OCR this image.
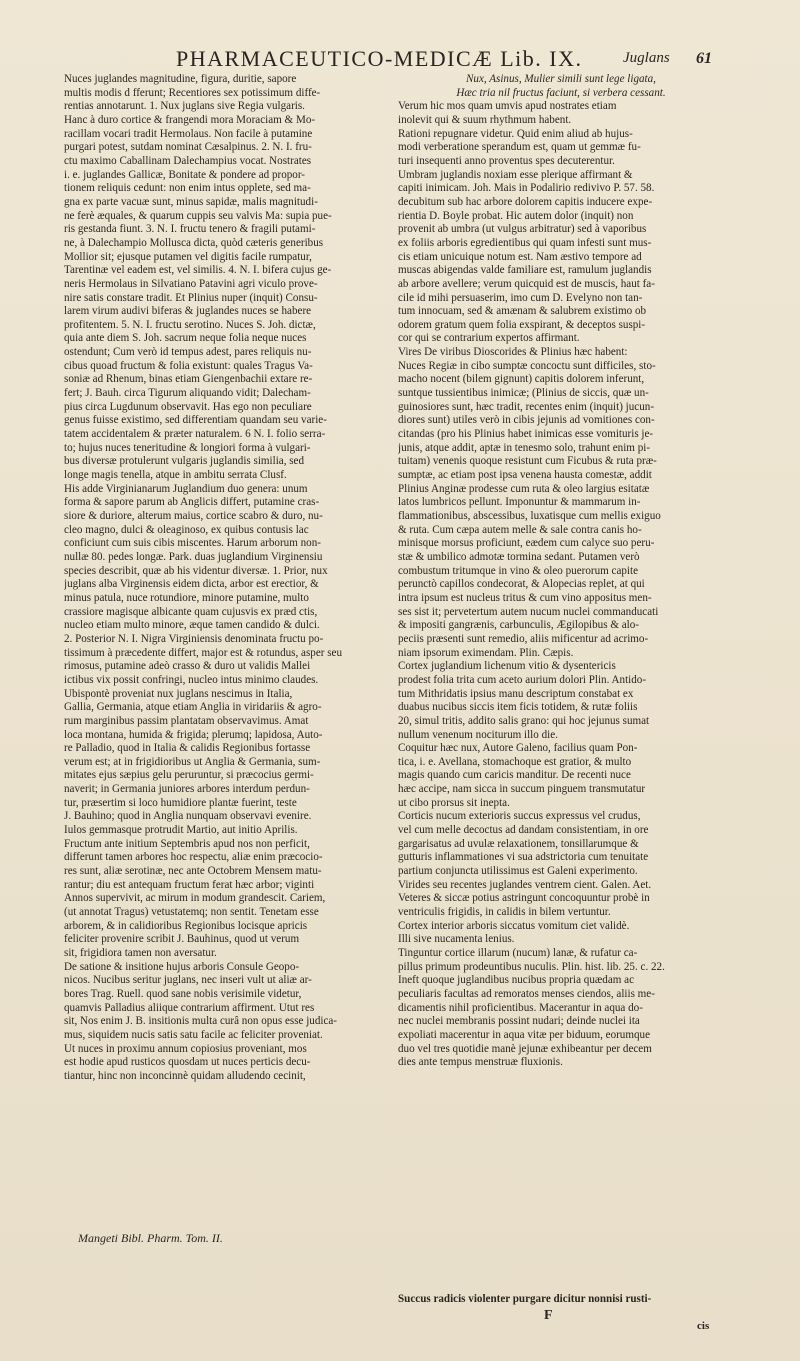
PHARMACEUTICO-MEDICÆ Lib. IX.	Juglans 61
Nuces juglandes magnitudine, figura, duritie, sapore
multis modis d fferunt; Recentiores sex potissimum diffe-
rentias annotarunt. 1. Nux juglans sive Regia vulgaris.
Hanc à duro cortice & frangendi mora Moraciam & Mo-
racillam vocari tradit Hermolaus. Non facile à putamine
purgari potest, sutdam nominat Cæsalpinus. 2. N. I. fru-
ctu maximo Caballinam Dalechampius vocat. Nostrates
i. e. juglandes Gallicæ, Bonitate & pondere ad propor-
tionem reliquis cedunt: non enim intus opplete, sed ma-
gna ex parte vacuæ sunt, minus sapidæ, malis magnitudi-
ne ferè æquales, & quarum cuppis seu valvis Ma: supia pue-
ris gestanda fiunt. 3. N. I. fructu tenero & fragili putami-
ne, à Dalechampio Mollusca dicta, quòd cæteris generibus
Mollior sit; ejusque putamen vel digitis facile rumpatur,
Tarentinæ vel eadem est, vel similis. 4. N. I. bifera cujus ge-
neris Hermolaus in Silvatiano Patavini agri viculo prove-
nire satis constare tradit. Et Plinius nuper (inquit) Consu-
larem virum audivi biferas & juglandes nuces se habere
profitentem. 5. N. I. fructu serotino. Nuces S. Joh. dictæ,
quia ante diem S. Joh. sacrum neque folia neque nuces
ostendunt; Cum verò id tempus adest, pares reliquis nu-
cibus quoad fructum & folia existunt: quales Tragus Va-
soniæ ad Rhenum, binas etiam Giengenbachii extare re-
fert; J. Bauh. circa Tigurum aliquando vidit; Dalecham-
pius circa Lugdunum observavit. Has ego non peculiare
genus fuisse existimo, sed differentiam quandam seu varie-
tatem accidentalem & præter naturalem. 6 N. I. folio serra-
to; hujus nuces teneritudine & longiori forma à vulgari-
bus diversæ protulerunt vulgaris juglandis similia, sed
longe magis tenella, atque in ambitu serrata Clusf.
His adde Virginianarum Juglandium duo genera: unum
forma & sapore parum ab Anglicis differt, putamine cras-
siore & duriore, alterum maius, cortice scabro & duro, nu-
cleo magno, dulci & oleaginoso, ex quibus contusis lac
conficiunt cum suis cibis miscentes. Harum arborum non-
nullæ 80. pedes longæ. Park. duas juglandium Virginensiu
species describit, quæ ab his videntur diversæ. 1. Prior, nux
juglans alba Virginensis eidem dicta, arbor est erectior, &
minus patula, nuce rotundiore, minore putamine, multo
crassiore magisque albicante quam cujusvis ex præd ctis,
nucleo etiam multo minore, æque tamen candido & dulci.
2. Posterior N. I. Nigra Virginiensis denominata fructu po-
tissimum à præcedente differt, major est & rotundus, asper seu
rimosus, putamine adeò crasso & duro ut validis Mallei
ictibus vix possit confringi, nucleo intus minimo claudes.
Ubispontè proveniat nux juglans nescimus in Italia,
Gallia, Germania, atque etiam Anglia in viridariis & agro-
rum marginibus passim plantatam observavimus. Amat
loca montana, humida & frigida; plerumq; lapidosa, Auto-
re Palladio, quod in Italia & calidis Regionibus fortasse
verum est; at in frigidioribus ut Anglia & Germania, sum-
mitates ejus sæpius gelu peruruntur, si præcocius germi-
naverit; in Germania juniores arbores interdum perdun-
tur, præsertim si loco humidiore plantæ fuerint, teste
J. Bauhino; quod in Anglia nunquam observavi evenire.
Iulos gemmasque protrudit Martio, aut initio Aprilis.
Fructum ante initium Septembris apud nos non perficit,
differunt tamen arbores hoc respectu, aliæ enim præcocio-
res sunt, aliæ serotinæ, nec ante Octobrem Mensem matu-
rantur; diu est antequam fructum ferat hæc arbor; viginti
Annos supervivit, ac mirum in modum grandescit. Cariem,
(ut annotat Tragus) vetustatemq; non sentit. Tenetam esse
arborem, & in calidioribus Regionibus locisque apricis
feliciter provenire scribit J. Bauhinus, quod ut verum
sit, frigidiora tamen non aversatur.
De satione & insitione hujus arboris Consule Geopo-
nicos. Nucibus seritur juglans, nec inseri vult ut aliæ ar-
bores Trag. Ruell. quod sane nobis verisimile videtur,
quamvis Palladius aliique contrarium affirment. Utut res
sit, Nos enim J. B. insitionis multa curâ non opus esse judica-
mus, siquidem nucis satis satu facile ac feliciter proveniat.
Ut nuces in proximu annum copiosius proveniant, mos
est hodie apud rusticos quosdam ut nuces perticis decu-
tiantur, hinc non inconcinnè quidam alludendo cecinit,
Nux, Asinus, Mulier simili sunt lege ligata,
Hæc tria nil fructus faciunt, si verbera cessant.
Verum hic mos quam umvis apud nostrates etiam
inolevit qui & suum rhythmum habent.
Rationi repugnare videtur. Quid enim aliud ab hujus-
modi verberatione sperandum est, quam ut gemmæ fu-
turi insequenti anno proventus spes decuterentur.
Umbram juglandis noxiam esse plerique affirmant &
capiti inimicam. Joh. Mais in Podalirio redivivo P. 57. 58.
decubitum sub hac arbore dolorem capitis inducere expe-
rientia D. Boyle probat. Hic autem dolor (inquit) non
provenit ab umbra (ut vulgus arbitratur) sed à vaporibus
ex foliis arboris egredientibus qui quam infesti sunt mus-
cis etiam unicuique notum est. Nam æstivo tempore ad
muscas abigendas valde familiare est, ramulum juglandis
ab arbore avellere; verum quicquid est de muscis, haut fa-
cile id mihi persuaserim, imo cum D. Evelyno non tan-
tum innocuam, sed & amænam & salubrem existimo ob
odorem gratum quem folia exspirant, & deceptos suspi-
cor qui se contrarium expertos affirmant.
Vires De viribus Dioscorides & Plinius hæc habent:
Nuces Regiæ in cibo sumptæ concoctu sunt difficiles, sto-
macho nocent (bilem gignunt) capitis dolorem inferunt,
suntque tussientibus inimicæ; (Plinius de siccis, quæ un-
guinosiores sunt, hæc tradit, recentes enim (inquit) jucun-
diores sunt) utiles verò in cibis jejunis ad vomitiones con-
citandas (pro his Plinius habet inimicas esse vomituris je-
junis, atque addit, aptæ in tenesmo solo, trahunt enim pi-
tuitam) venenis quoque resistunt cum Ficubus & ruta præ-
sumptæ, ac etiam post ipsa venena hausta comestæ, addit
Plinius Anginæ prodesse cum ruta & oleo largius esitatæ
latos lumbricos pellunt. Imponuntur & mammarum in-
flammationibus, abscessibus, luxatisque cum mellis exiguo
& ruta. Cum cæpa autem melle & sale contra canis ho-
minisque morsus proficiunt, eædem cum calyce suo peru-
stæ & umbilico admotæ tormina sedant. Putamen verò
combustum tritumque in vino & oleo puerorum capite
perunctò capillos condecorat, & Alopecias replet, at qui
intra ipsum est nucleus tritus & cum vino appositus men-
ses sist it; pervetertum autem nucum nuclei commanducati
& impositi gangrænis, carbunculis, Ægilopibus & alo-
peciis præsenti sunt remedio, aliis mificentur ad acrimo-
niam ipsorum eximendam. Plin. Cæpis.
Cortex juglandium lichenum vitio & dysentericis
prodest folia trita cum aceto aurium dolori Plin. Antido-
tum Mithridatis ipsius manu descriptum constabat ex
duabus nucibus siccis item ficis totidem, & rutæ foliis
20, simul tritis, addito salis grano: qui hoc jejunus sumat
nullum venenum nociturum illo die.
Coquitur hæc nux, Autore Galeno, facilius quam Pon-
tica, i. e. Avellana, stomachoque est gratior, & multo
magis quando cum caricis manditur. De recenti nuce
hæc accipe, nam sicca in succum pinguem transmutatur
ut cibo prorsus sit inepta.
Corticis nucum exterioris succus expressus vel crudus,
vel cum melle decoctus ad dandam consistentiam, in ore
gargarisatus ad uvulæ relaxationem, tonsillarumque &
gutturis inflammationes vi sua adstrictoria cum tenuitate
partium conjuncta utilissimus est Galeni experimento.
Virides seu recentes juglandes ventrem cient. Galen. Aet.
Veteres & siccæ potius astringunt concoquuntur probè in
ventriculis frigidis, in calidis in bilem vertuntur.
Cortex interior arboris siccatus vomitum ciet validè.
Illi sive nucamenta lenius.
Tinguntur cortice illarum (nucum) lanæ, & rufatur ca-
pillus primum prodeuntibus nuculis. Plin. hist. lib. 25. c. 22.
Ineft quoque juglandibus nucibus propria quædam ac
peculiaris facultas ad remoratos menses ciendos, aliis me-
dicamentis nihil proficientibus. Macerantur in aqua do-
nec nuclei membranis possint nudari; deinde nuclei ita
expoliati macerentur in aqua vitæ per biduum, eorumque
duo vel tres quotidie manè jejunæ exhibeantur per decem
dies ante tempus menstruæ fluxionis.
Mangeti Bibl. Pharm. Tom. II.
Succus radicis violenter purgare dicitur nonnisi rusti-
F
cis
